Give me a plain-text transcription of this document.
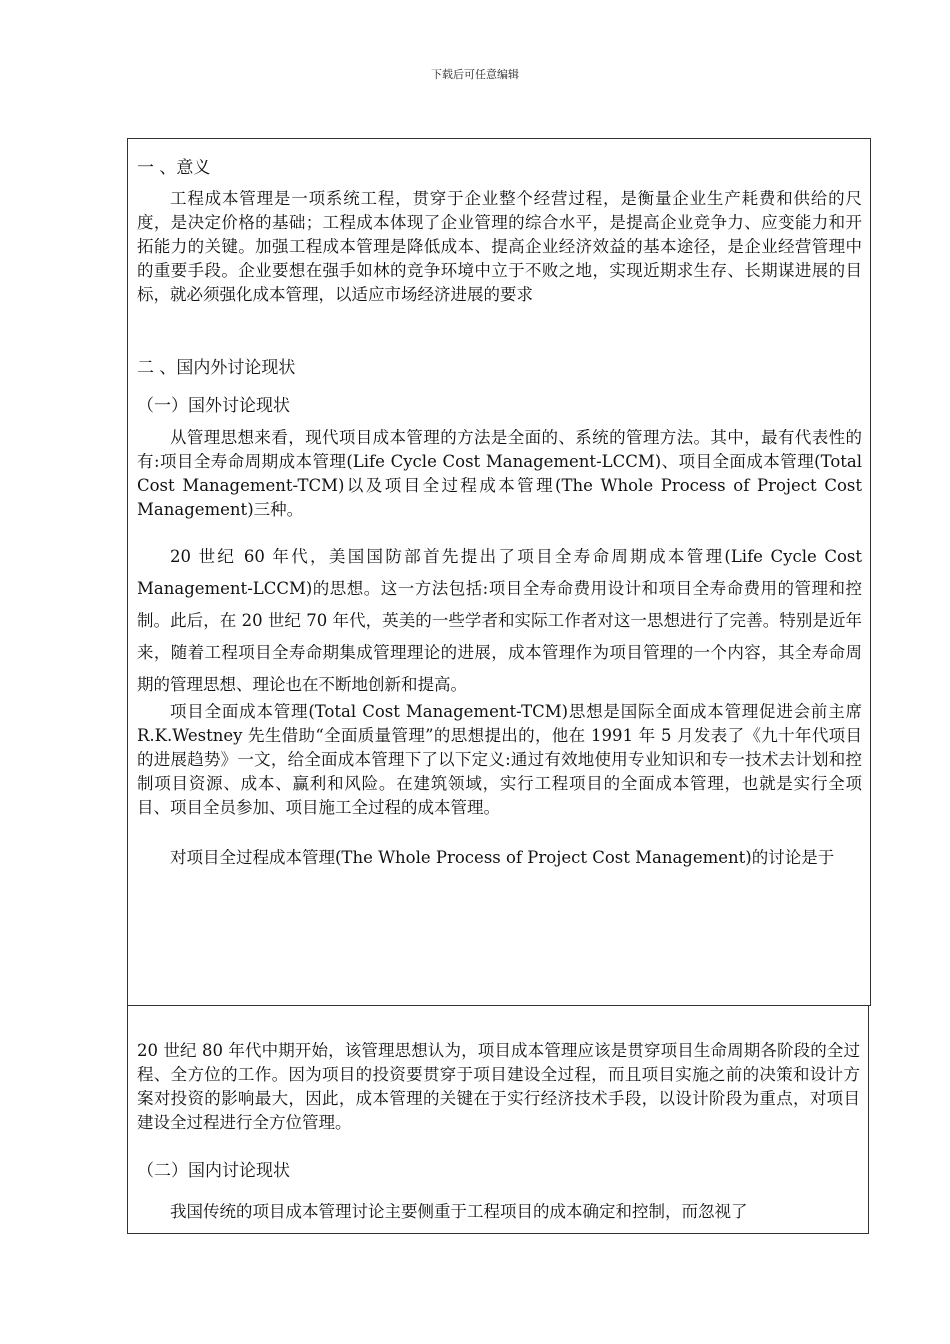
下载后可任意编辑
一 、意义

工程成本管理是一项系统工程，贯穿于企业整个经营过程，是衡量企业生产耗费和供给的尺度，是决定价格的基础；工程成本体现了企业管理的综合水平，是提高企业竞争力、应变能力和开拓能力的关键。加强工程成本管理是降低成本、提高企业经济效益的基本途径，是企业经营管理中的重要手段。企业要想在强手如林的竞争环境中立于不败之地，实现近期求生存、长期谋进展的目标，就必须强化成本管理，以适应市场经济进展的要求

二 、国内外讨论现状
（一）国外讨论现状

从管理思想来看，现代项目成本管理的方法是全面的、系统的管理方法。其中，最有代表性的有:项目全寿命周期成本管理(Life Cycle Cost Management-LCCM)、项目全面成本管理(Total Cost Management-TCM)以及项目全过程成本管理(The Whole Process of Project Cost Management)三种。

20 世纪 60 年代，美国国防部首先提出了项目全寿命周期成本管理(Life Cycle Cost Management-LCCM)的思想。这一方法包括:项目全寿命费用设计和项目全寿命费用的管理和控制。此后，在 20 世纪 70 年代，英美的一些学者和实际工作者对这一思想进行了完善。特别是近年来，随着工程项目全寿命期集成管理理论的进展，成本管理作为项目管理的一个内容，其全寿命周期的管理思想、理论也在不断地创新和提高。

项目全面成本管理(Total Cost Management-TCM)思想是国际全面成本管理促进会前主席 R.K.Westney 先生借助“全面质量管理”的思想提出的，他在 1991 年 5 月发表了《九十年代项目的进展趋势》一文，给全面成本管理下了以下定义:通过有效地使用专业知识和专一技术去计划和控制项目资源、成本、赢利和风险。在建筑领域，实行工程项目的全面成本管理，也就是实行全项目、项目全员参加、项目施工全过程的成本管理。

对项目全过程成本管理(The Whole Process of Project Cost Management)的讨论是于

20 世纪 80 年代中期开始，该管理思想认为，项目成本管理应该是贯穿项目生命周期各阶段的全过程、全方位的工作。因为项目的投资要贯穿于项目建设全过程，而且项目实施之前的决策和设计方案对投资的影响最大，因此，成本管理的关键在于实行经济技术手段，以设计阶段为重点，对项目建设全过程进行全方位管理。

（二）国内讨论现状

我国传统的项目成本管理讨论主要侧重于工程项目的成本确定和控制，而忽视了
